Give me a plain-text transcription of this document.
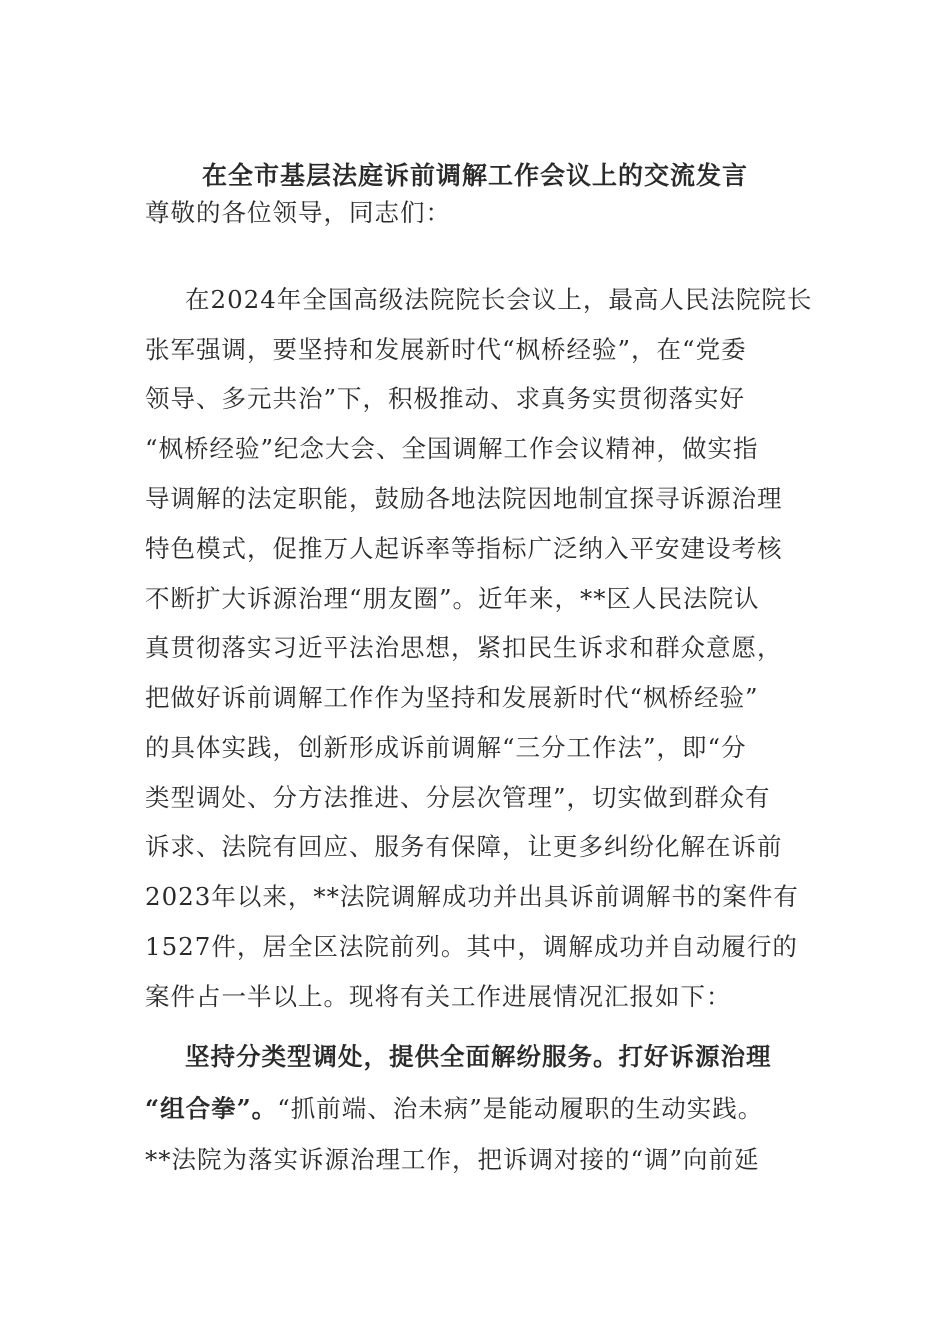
在全市基层法庭诉前调解工作会议上的交流发言
尊敬的各位领导，同志们：
在2024年全国高级法院院长会议上，最高人民法院院长
张军强调，要坚持和发展新时代“枫桥经验”，在“党委
领导、多元共治”下，积极推动、求真务实贯彻落实好
“枫桥经验”纪念大会、全国调解工作会议精神，做实指
导调解的法定职能，鼓励各地法院因地制宜探寻诉源治理
特色模式，促推万人起诉率等指标广泛纳入平安建设考核
不断扩大诉源治理“朋友圈”。近年来，**区人民法院认
真贯彻落实习近平法治思想，紧扣民生诉求和群众意愿，
把做好诉前调解工作作为坚持和发展新时代“枫桥经验”
的具体实践，创新形成诉前调解“三分工作法”，即“分
类型调处、分方法推进、分层次管理”，切实做到群众有
诉求、法院有回应、服务有保障，让更多纠纷化解在诉前
2023年以来，**法院调解成功并出具诉前调解书的案件有
1527件，居全区法院前列。其中，调解成功并自动履行的
案件占一半以上。现将有关工作进展情况汇报如下：
坚持分类型调处，提供全面解纷服务。打好诉源治理
“组合拳”。“抓前端、治未病”是能动履职的生动实践。
**法院为落实诉源治理工作，把诉调对接的“调”向前延
